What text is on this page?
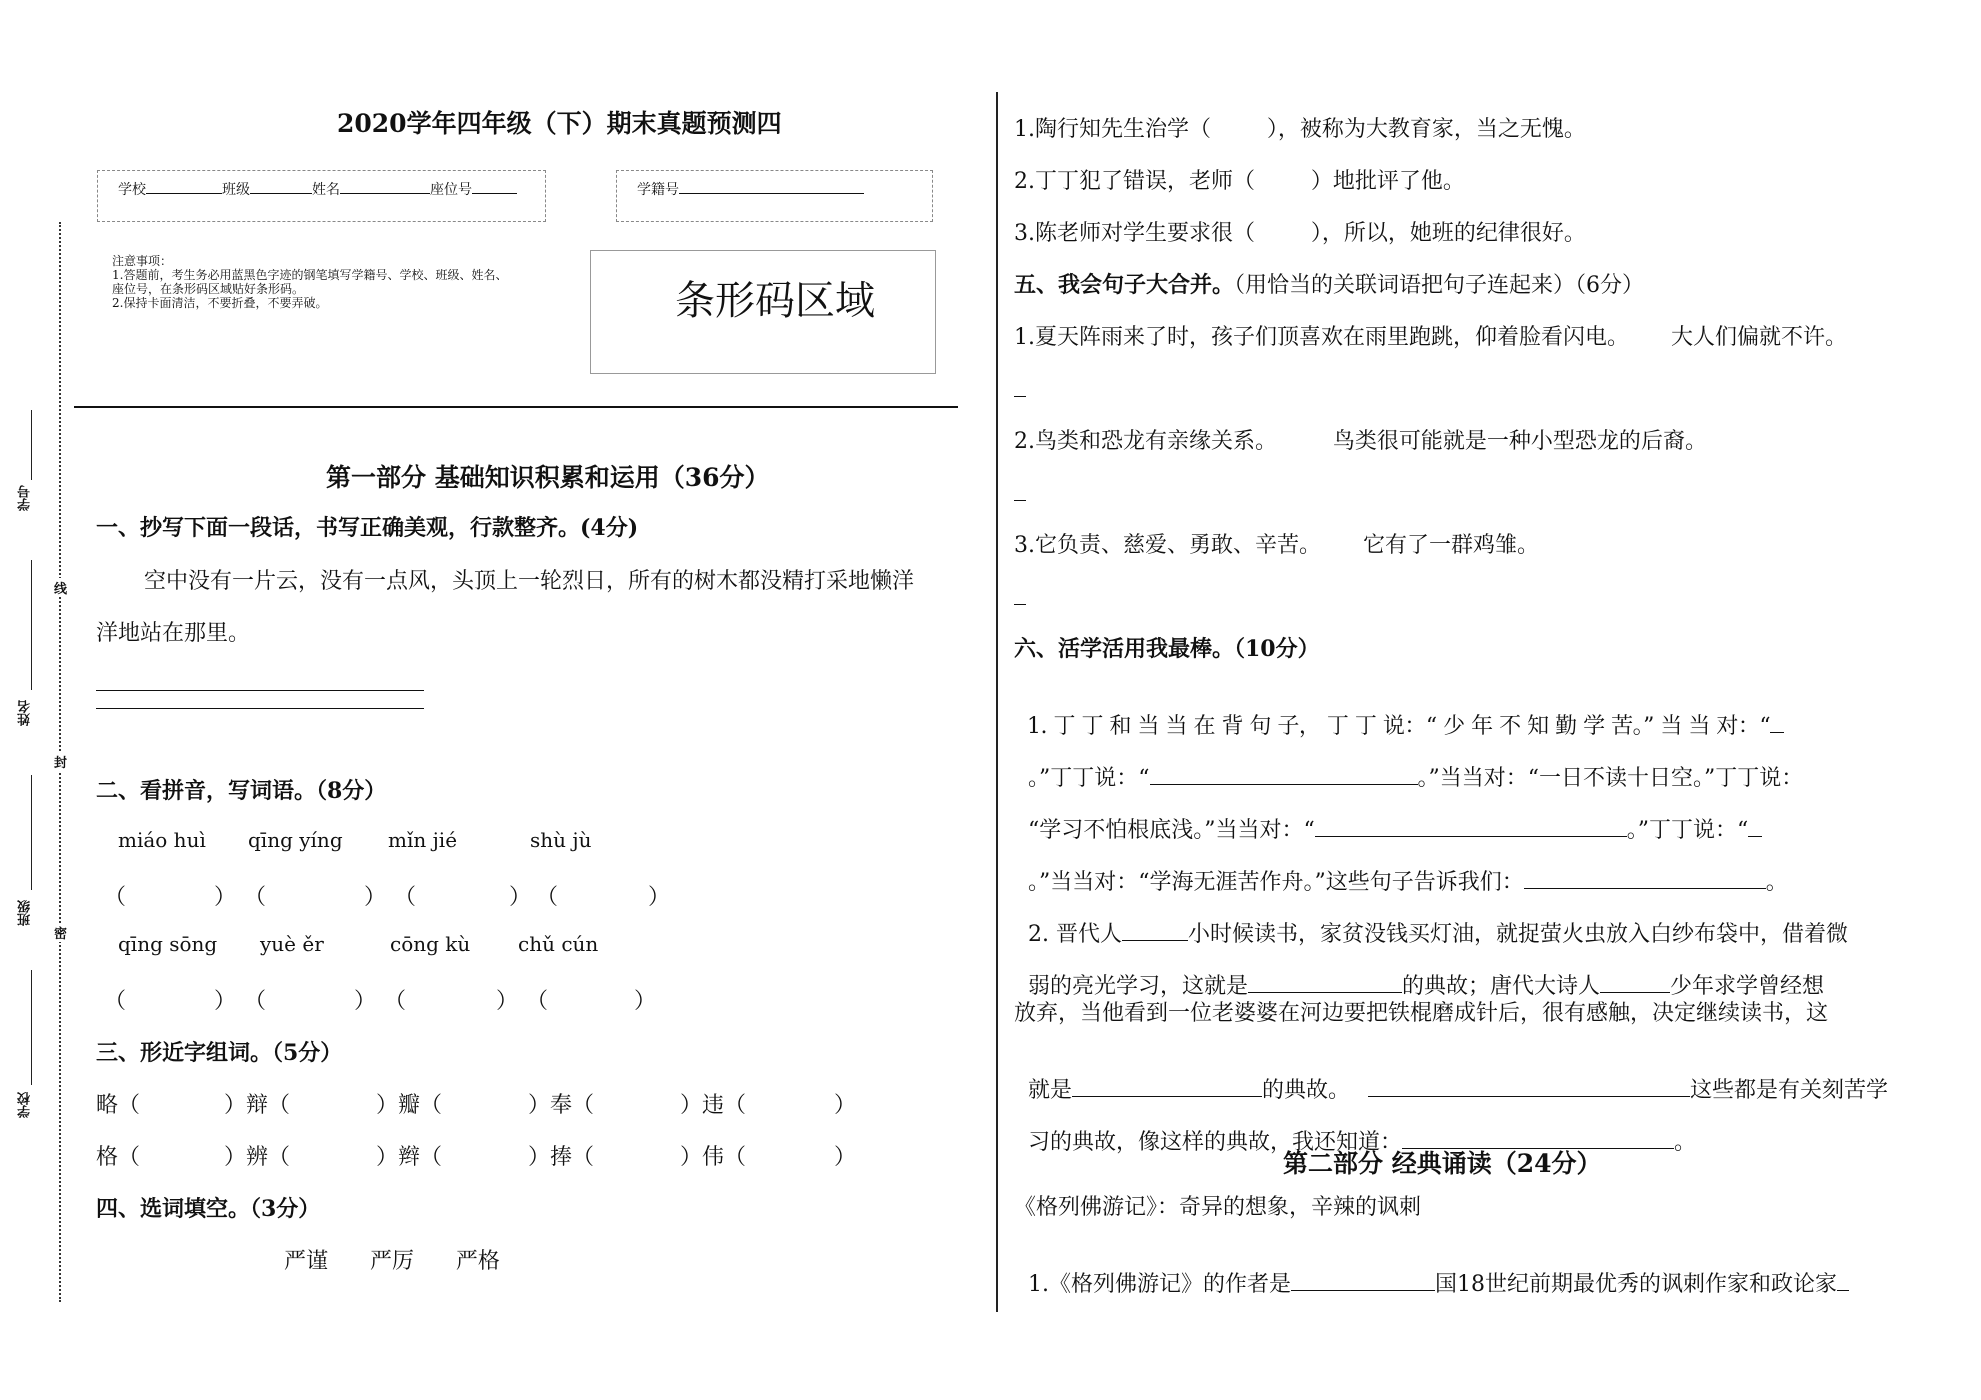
学号
姓名
班级
学校
线
封
密
2020学年四年级（下）期末真题预测四
学校	班级	姓名	座位号	学籍号
注意事项：
1.答题前，考生务必用蓝黑色字迹的钢笔填写学籍号、学校、班级、姓名、
座位号，在条形码区域贴好条形码。
2.保持卡面清洁，不要折叠，不要弄破。	条形码区域
第一部分 基础知识积累和运用（36分）
一、抄写下面一段话，书写正确美观，行款整齐。(4分)
空中没有一片云，没有一点风，头顶上一轮烈日，所有的树木都没精打采地懒洋
洋地站在那里。
二、看拼音，写词语。（8分）
miáo huì qīng yíng mǐn jié	shù jù
（	） （	） （	） （	）
qīng sōng yuè ěr	cōng kù chǔ cún
（	） （	） （	） （	）
三、形近字组词。（5分）
略（	）辩（	）瓣（	）奉（	）违（	）
格（	）辨（	）辫（	）捧（	）伟（	）
四、选词填空。（3分）
严谨      严厉      严格
1.陶行知先生治学（        ），被称为大教育家，当之无愧。
2.丁丁犯了错误，老师（        ）地批评了他。
3.陈老师对学生要求很（        ），所以，她班的纪律很好。
五、我会句子大合并。（用恰当的关联词语把句子连起来）（6分）
1.夏天阵雨来了时，孩子们顶喜欢在雨里跑跳，仰着脸看闪电。      大人们偏就不许。
2.鸟类和恐龙有亲缘关系。        鸟类很可能就是一种小型恐龙的后裔。
3.它负责、慈爱、勇敢、辛苦。      它有了一群鸡雏。
六、活学活用我最棒。（10分）

1. 丁 丁 和 当 当 在 背 句 子， 丁 丁 说：“ 少 年 不 知 勤 学 苦。” 当 当 对：“

。”丁丁说：“	。”当当对：“一日不读十日空。”丁丁说：

“学习不怕根底浅。”当当对：“	。”丁丁说：“

。”当当对：“学海无涯苦作舟。”这些句子告诉我们：	。

2. 晋代人	小时候读书，家贫没钱买灯油，就捉萤火虫放入白纱布袋中，借着微

弱的亮光学习，这就是	的典故；唐代大诗人	少年求学曾经想

放弃，当他看到一位老婆婆在河边要把铁棍磨成针后，很有感触，决定继续读书，这

就是	的典故。	这些都是有关刻苦学

习的典故，像这样的典故，我还知道：	。

第二部分 经典诵读（24分）
《格列佛游记》：奇异的想象，辛辣的讽刺

1.《格列佛游记》的作者是	国18世纪前期最优秀的讽刺作家和政论家
